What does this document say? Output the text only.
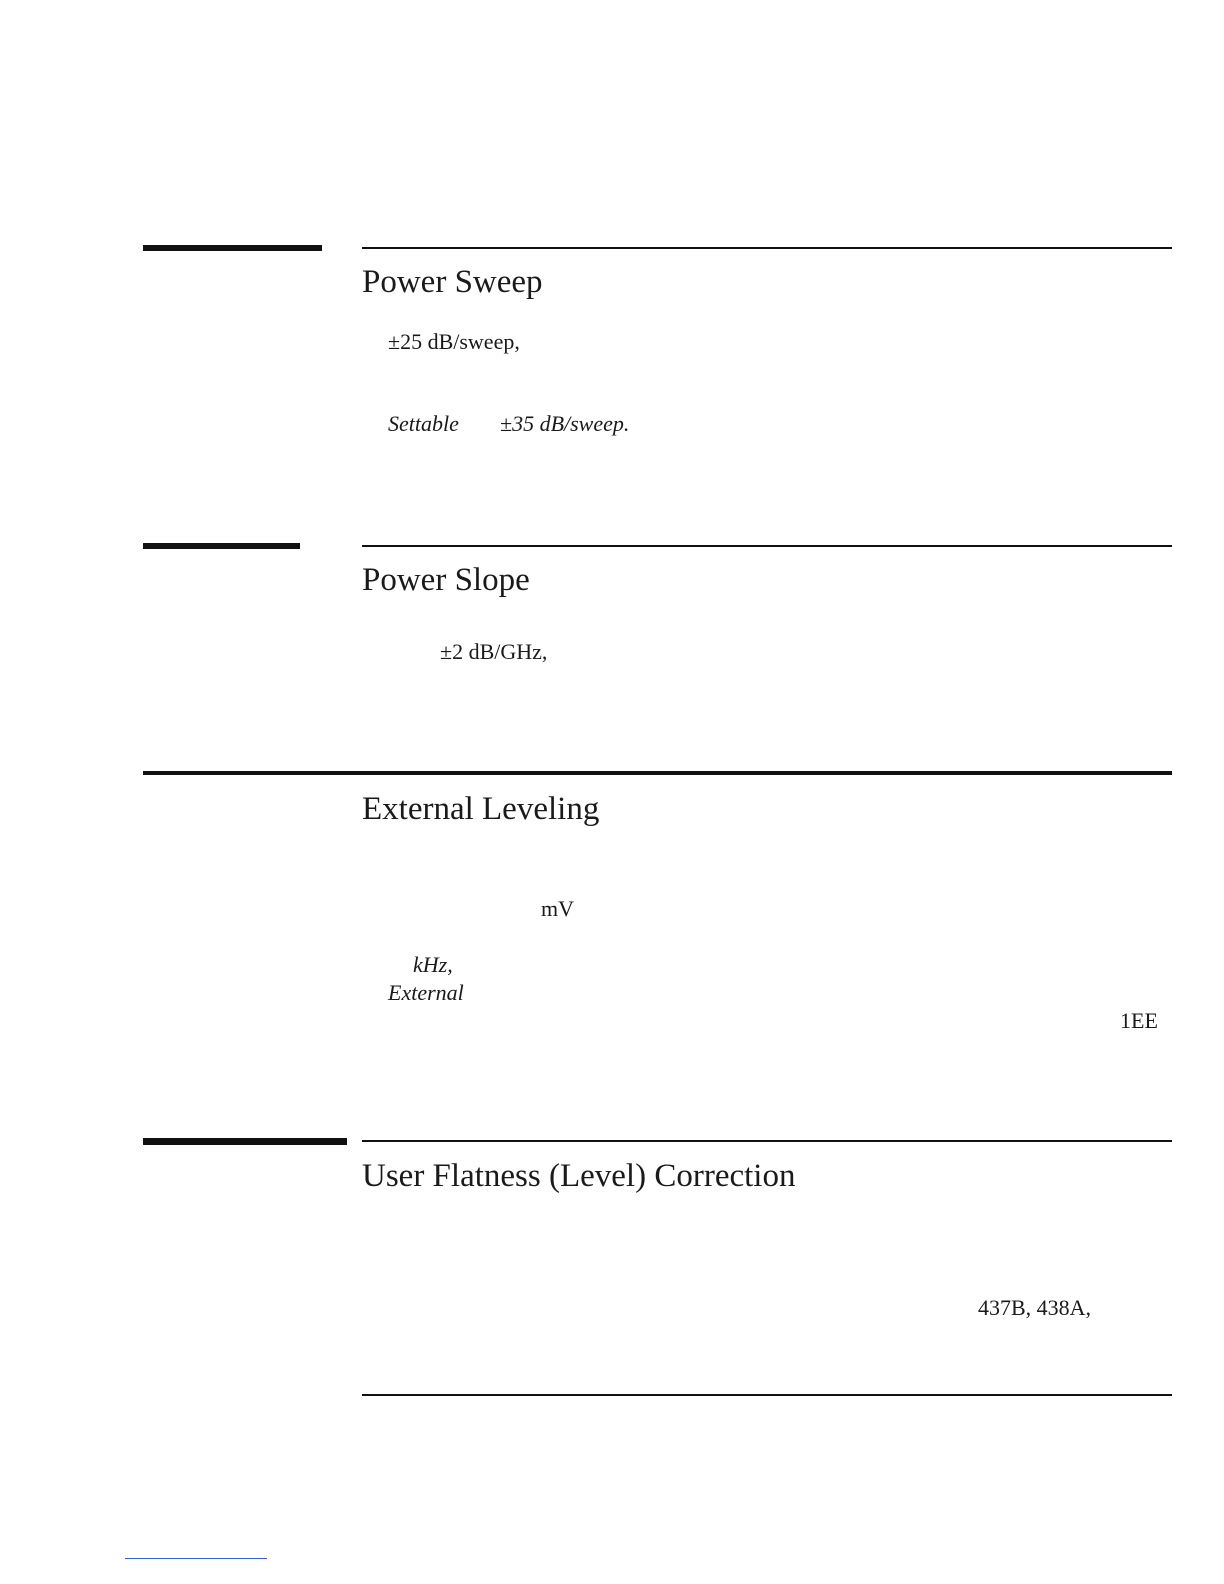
Power Sweep
±25 dB/sweep,
Settable ±35 dB/sweep.
Power Slope
±2 dB/GHz,
External Leveling
mV
kHz,
External
1EE
User Flatness (Level) Correction
437B, 438A,
